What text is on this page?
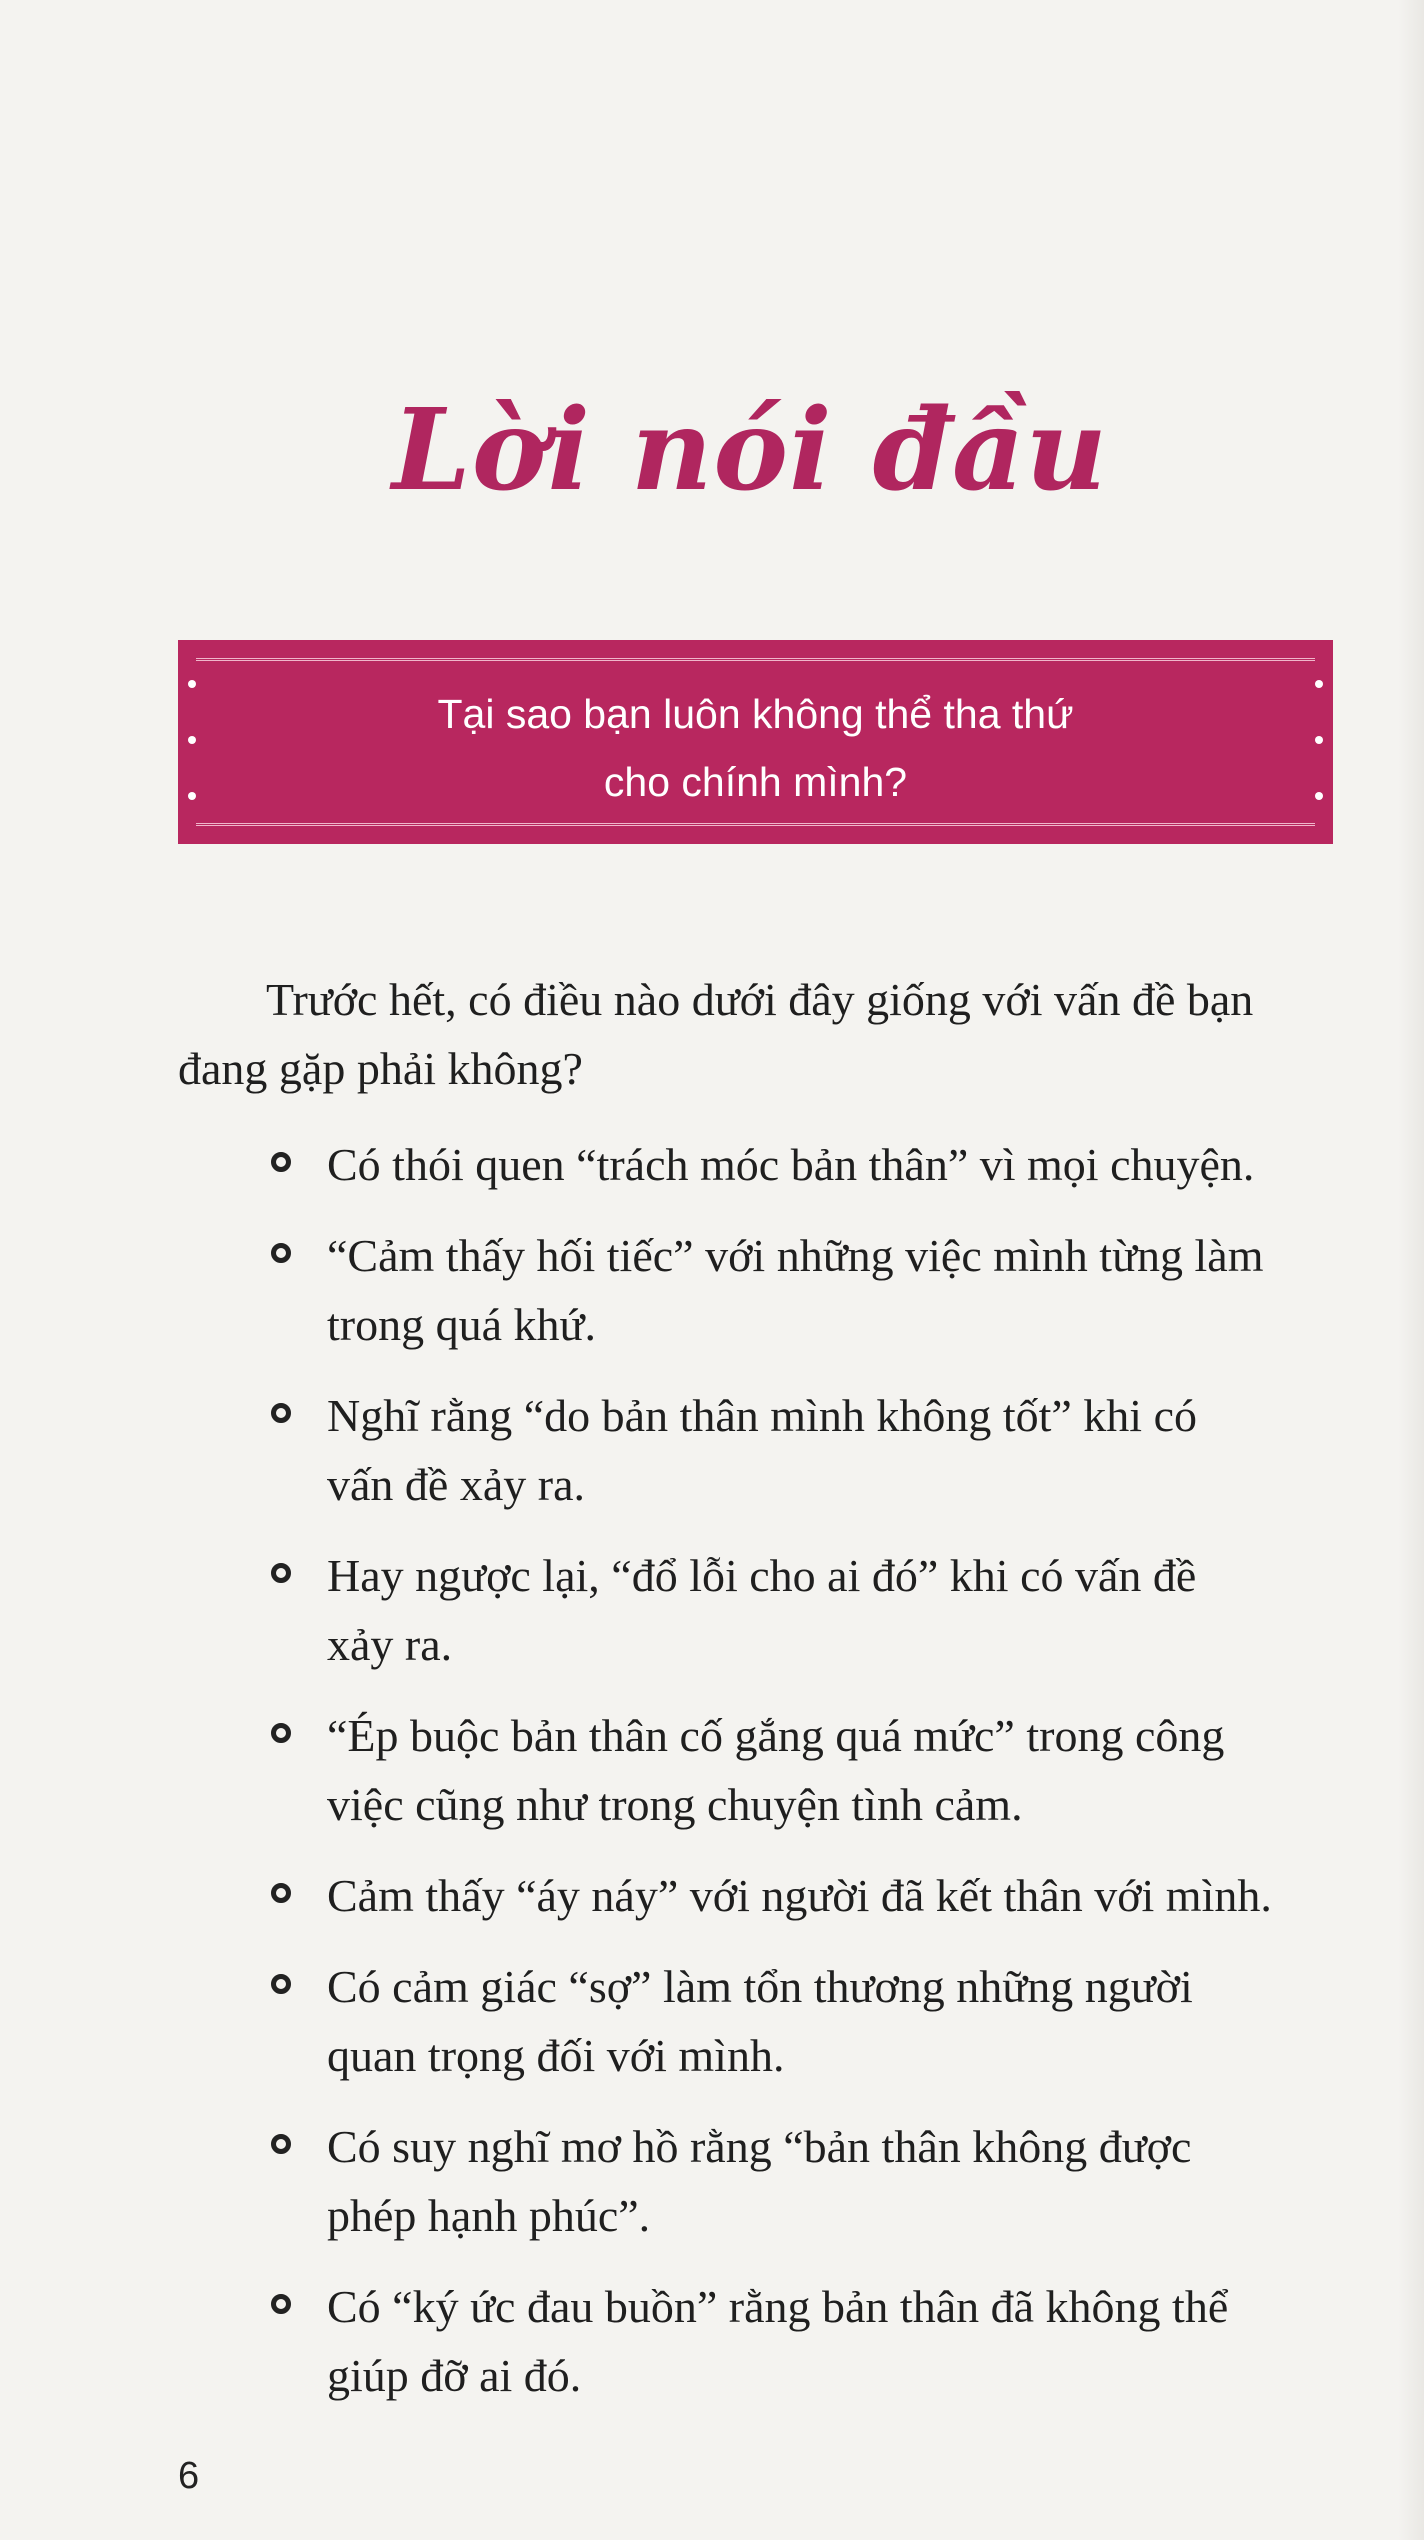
Lời nói đầu
Tại sao bạn luôn không thể tha thứ
cho chính mình?

Trước hết, có điều nào dưới đây giống với vấn đề bạn
đang gặp phải không?

Có thói quen “trách móc bản thân” vì mọi chuyện.
“Cảm thấy hối tiếc” với những việc mình từng làm
trong quá khứ.
Nghĩ rằng “do bản thân mình không tốt” khi có
vấn đề xảy ra.
Hay ngược lại, “đổ lỗi cho ai đó” khi có vấn đề
xảy ra.
“Ép buộc bản thân cố gắng quá mức” trong công
việc cũng như trong chuyện tình cảm.
Cảm thấy “áy náy” với người đã kết thân với mình.
Có cảm giác “sợ” làm tổn thương những người
quan trọng đối với mình.
Có suy nghĩ mơ hồ rằng “bản thân không được
phép hạnh phúc”.
Có “ký ức đau buồn” rằng bản thân đã không thể
giúp đỡ ai đó.
6
